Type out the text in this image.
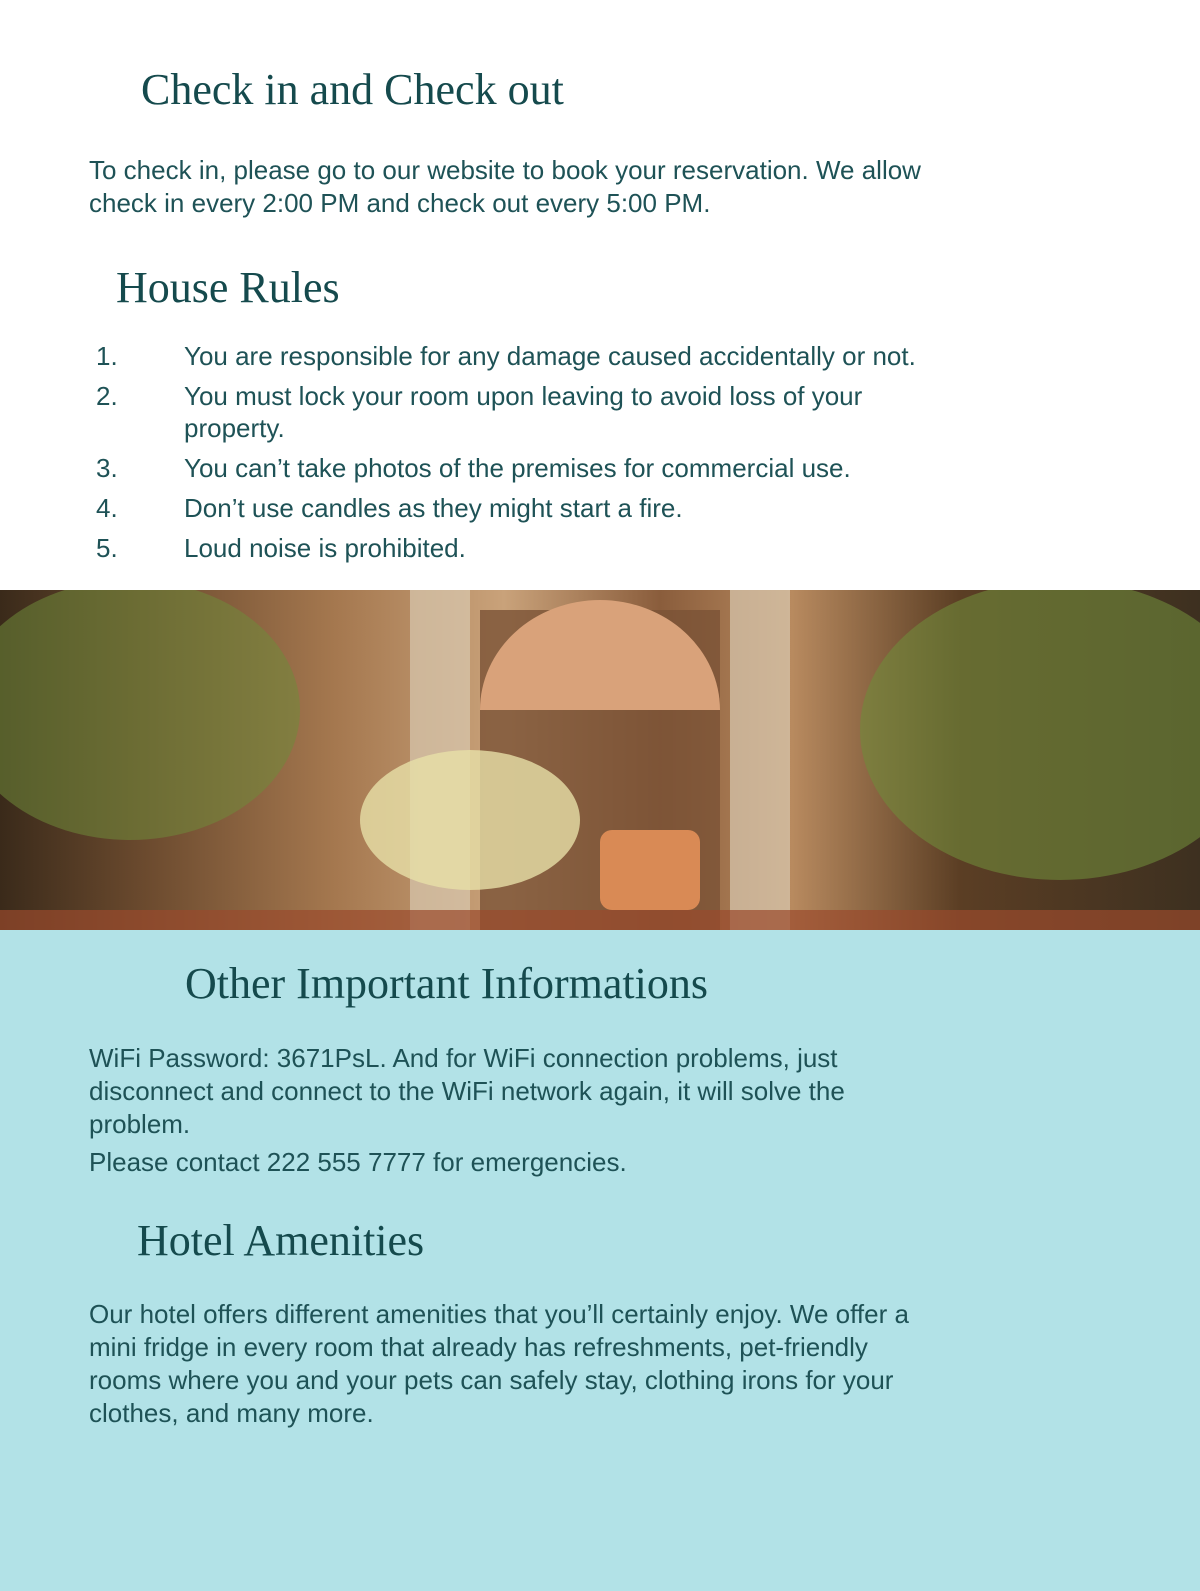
Check in and Check out

To check in, please go to our website to book your reservation. We allow
check in every 2:00 PM and check out every 5:00 PM.

House Rules
1.	You are responsible for any damage caused accidentally or not.
2.	You must lock your room upon leaving to avoid loss of your
property.
3.	You can’t take photos of the premises for commercial use.
4.	Don’t use candles as they might start a fire.
5.	Loud noise is prohibited.
Other Important Informations

WiFi Password: 3671PsL. And for WiFi connection problems, just
disconnect and connect to the WiFi network again, it will solve the
problem.

Please contact 222 555 7777 for emergencies.

Hotel Amenities

Our hotel offers different amenities that you’ll certainly enjoy. We offer a
mini fridge in every room that already has refreshments, pet-friendly
rooms where you and your pets can safely stay, clothing irons for your
clothes, and many more.
